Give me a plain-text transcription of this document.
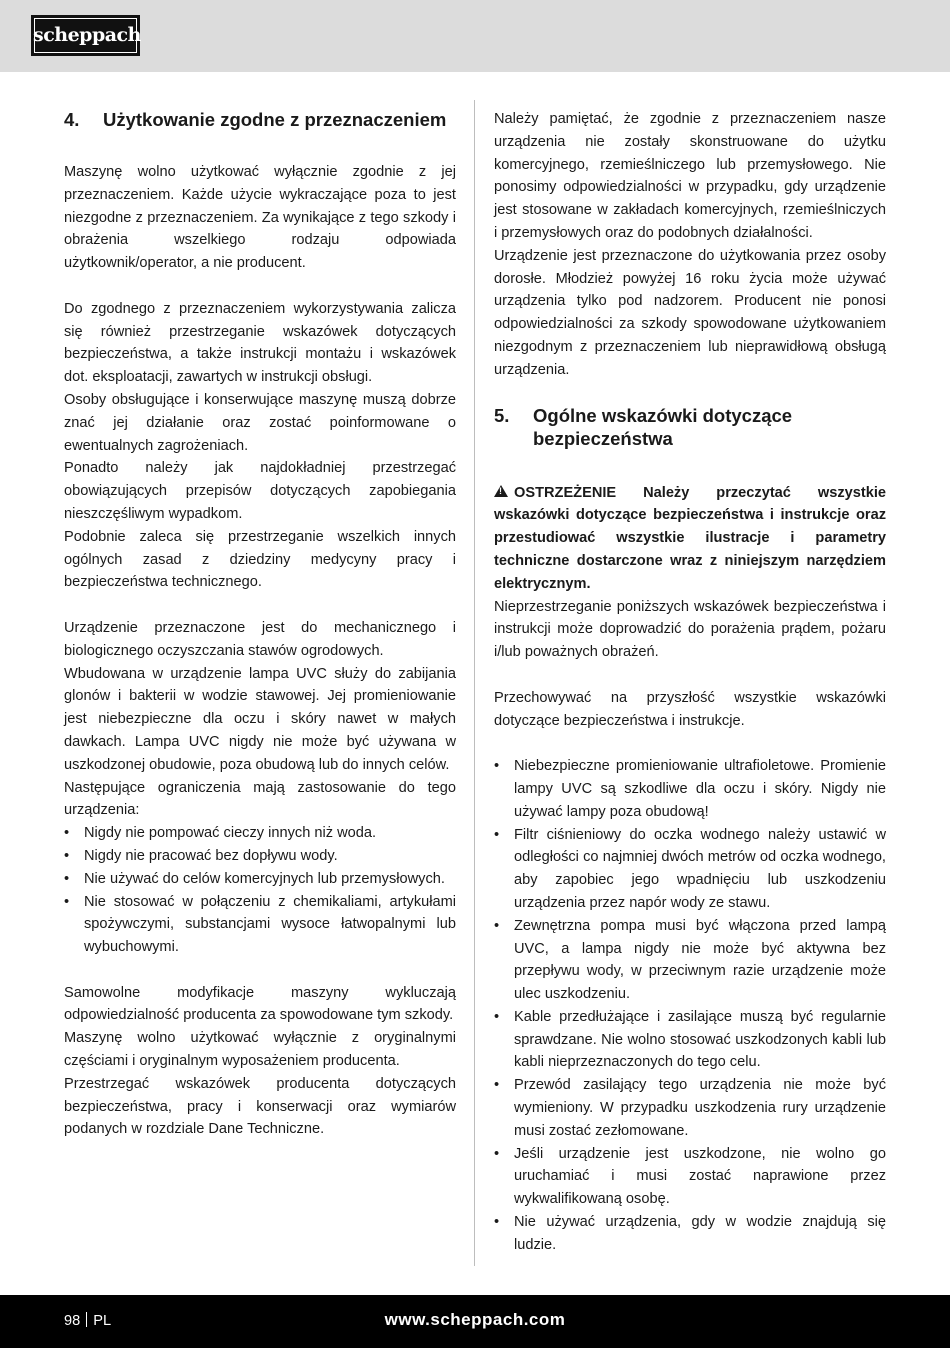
scheppach
4.	Użytkowanie zgodne z przeznaczeniem

Maszynę wolno użytkować wyłącznie zgodnie z jej przeznaczeniem. Każde użycie wykraczające poza to jest niezgodne z przeznaczeniem. Za wynikające z tego szkody i obrażenia wszelkiego rodzaju odpowiada użytkownik/operator, a nie producent.

Do zgodnego z przeznaczeniem wykorzystywania zalicza się również przestrzeganie wskazówek dotyczących bezpieczeństwa, a także instrukcji montażu i wskazówek dot. eksploatacji, zawartych w instrukcji obsługi.

Osoby obsługujące i konserwujące maszynę muszą dobrze znać jej działanie oraz zostać poinformowane o ewentualnych zagrożeniach.

Ponadto należy jak najdokładniej przestrzegać obowiązujących przepisów dotyczących zapobiegania nieszczęśliwym wypadkom.

Podobnie zaleca się przestrzeganie wszelkich innych ogólnych zasad z dziedziny medycyny pracy i bezpieczeństwa technicznego.

Urządzenie przeznaczone jest do mechanicznego i biologicznego oczyszczania stawów ogrodowych.

Wbudowana w urządzenie lampa UVC służy do zabijania glonów i bakterii w wodzie stawowej. Jej promieniowanie jest niebezpieczne dla oczu i skóry nawet w małych dawkach. Lampa UVC nigdy nie może być używana w uszkodzonej obudowie, poza obudową lub do innych celów.

Następujące ograniczenia mają zastosowanie do tego urządzenia:

• Nigdy nie pompować cieczy innych niż woda.
• Nigdy nie pracować bez dopływu wody.
• Nie używać do celów komercyjnych lub przemysłowych.
• Nie stosować w połączeniu z chemikaliami, artykułami spożywczymi, substancjami wysoce łatwopalnymi lub wybuchowymi.

Samowolne modyfikacje maszyny wykluczają odpowiedzialność producenta za spowodowane tym szkody.

Maszynę wolno użytkować wyłącznie z oryginalnymi częściami i oryginalnym wyposażeniem producenta.

Przestrzegać wskazówek producenta dotyczących bezpieczeństwa, pracy i konserwacji oraz wymiarów podanych w rozdziale Dane Techniczne.

Należy pamiętać, że zgodnie z przeznaczeniem nasze urządzenia nie zostały skonstruowane do użytku komercyjnego, rzemieślniczego lub przemysłowego. Nie ponosimy odpowiedzialności w przypadku, gdy urządzenie jest stosowane w zakładach komercyjnych, rzemieślniczych i przemysłowych oraz do podobnych działalności.

Urządzenie jest przeznaczone do użytkowania przez osoby dorosłe. Młodzież powyżej 16 roku życia może używać urządzenia tylko pod nadzorem. Producent nie ponosi odpowiedzialności za szkody spowodowane użytkowaniem niezgodnym z przeznaczeniem lub nieprawidłową obsługą urządzenia.

5.	Ogólne wskazówki dotyczące bezpieczeństwa

!OSTRZEŻENIE Należy przeczytać wszystkie wskazówki dotyczące bezpieczeństwa i instrukcje oraz przestudiować wszystkie ilustracje i parametry techniczne dostarczone wraz z niniejszym narzędziem elektrycznym.

Nieprzestrzeganie poniższych wskazówek bezpieczeństwa i instrukcji może doprowadzić do porażenia prądem, pożaru i/lub poważnych obrażeń.

Przechowywać na przyszłość wszystkie wskazówki dotyczące bezpieczeństwa i instrukcje.

• Niebezpieczne promieniowanie ultrafioletowe. Promienie lampy UVC są szkodliwe dla oczu i skóry. Nigdy nie używać lampy poza obudową!
• Filtr ciśnieniowy do oczka wodnego należy ustawić w odległości co najmniej dwóch metrów od oczka wodnego, aby zapobiec jego wpadnięciu lub uszkodzeniu urządzenia przez napór wody ze stawu.
• Zewnętrzna pompa musi być włączona przed lampą UVC, a lampa nigdy nie może być aktywna bez przepływu wody, w przeciwnym razie urządzenie może ulec uszkodzeniu.
• Kable przedłużające i zasilające muszą być regularnie sprawdzane. Nie wolno stosować uszkodzonych kabli lub kabli nieprzeznaczonych do tego celu.
• Przewód zasilający tego urządzenia nie może być wymieniony. W przypadku uszkodzenia rury urządzenie musi zostać zezłomowane.
• Jeśli urządzenie jest uszkodzone, nie wolno go uruchamiać i musi zostać naprawione przez wykwalifikowaną osobę.
• Nie używać urządzenia, gdy w wodzie znajdują się ludzie.
98 PL	www.scheppach.com
